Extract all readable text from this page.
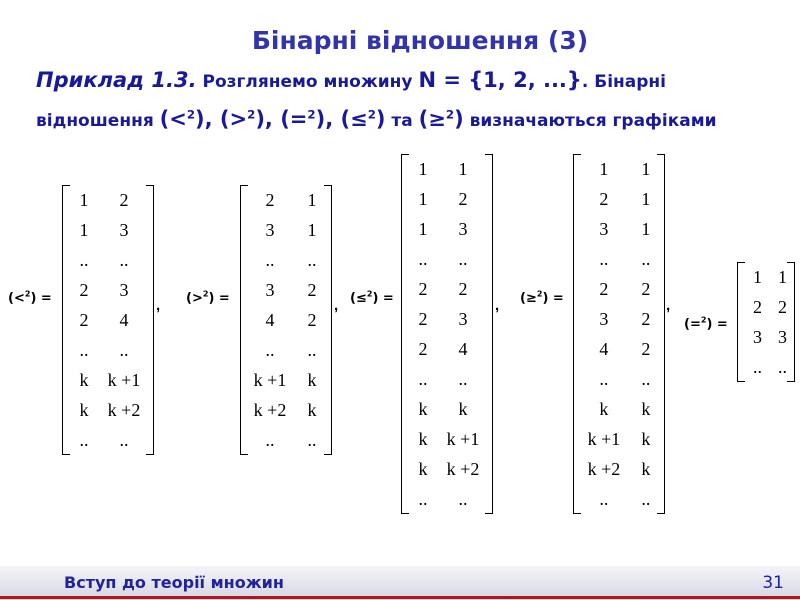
Бінарні відношення (3)
Приклад 1.3. Розглянемо множину N = {1, 2, ...}. Бінарні відношення (<$^2$), (>$^2$), (=$^2$), (≤$^2$) та (≥$^2$) визначаються графіками
(<$^2$) =
1	2
1	3
..	..
2	3
2	4
..	..
k	k +1
k	k +2
..	..
, (>$^2$) =
2	1
3	1
..	..
3	2
4	2
..	..
k +1	k
k +2	k
..	..
, (≤$^2$) =
1	1
1	2
1	3
..	..
2	2
2	3
2	4
..	..
k	k
k	k +1
k	k +2
..	..
, (≥$^2$) =
1	1
2	1
3	1
..	..
2	2
3	2
4	2
..	..
k	k
k +1	k
k +2	k
..	..
,
(=$^2$) =
1 1
2 2
3 3
.. ..
Вступ до теорії множин	31
